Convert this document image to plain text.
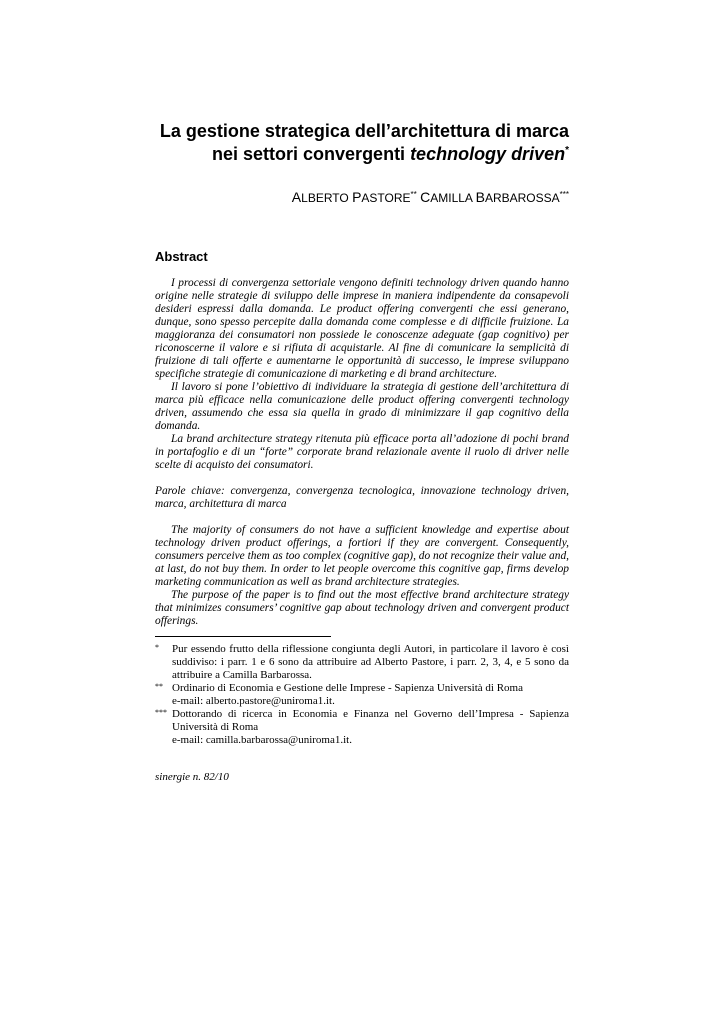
La gestione strategica dell’architettura di marca
nei settori convergenti technology driven*
ALBERTO PASTORE** CAMILLA BARBAROSSA***
Abstract

I processi di convergenza settoriale vengono definiti technology driven quando hanno origine nelle strategie di sviluppo delle imprese in maniera indipendente da consapevoli desideri espressi dalla domanda. Le product offering convergenti che essi generano, dunque, sono spesso percepite dalla domanda come complesse e di difficile fruizione. La maggioranza dei consumatori non possiede le conoscenze adeguate (gap cognitivo) per riconoscerne il valore e si rifiuta di acquistarle. Al fine di comunicare la semplicità di fruizione di tali offerte e aumentarne le opportunità di successo, le imprese sviluppano specifiche strategie di comunicazione di marketing e di brand architecture.

Il lavoro si pone l’obiettivo di individuare la strategia di gestione dell’architettura di marca più efficace nella comunicazione delle product offering convergenti technology driven, assumendo che essa sia quella in grado di minimizzare il gap cognitivo della domanda.

La brand architecture strategy ritenuta più efficace porta all’adozione di pochi brand in portafoglio e di un “forte” corporate brand relazionale avente il ruolo di driver nelle scelte di acquisto dei consumatori.

Parole chiave: convergenza, convergenza tecnologica, innovazione technology driven, marca, architettura di marca

The majority of consumers do not have a sufficient knowledge and expertise about technology driven product offerings, a fortiori if they are convergent. Consequently, consumers perceive them as too complex (cognitive gap), do not recognize their value and, at last, do not buy them. In order to let people overcome this cognitive gap, firms develop marketing communication as well as brand architecture strategies.

The purpose of the paper is to find out the most effective brand architecture strategy that minimizes consumers’ cognitive gap about technology driven and convergent product offerings.

*	Pur essendo frutto della riflessione congiunta degli Autori, in particolare il lavoro è così suddiviso: i parr. 1 e 6 sono da attribuire ad Alberto Pastore, i parr. 2, 3, 4, e 5 sono da attribuire a Camilla Barbarossa.
** Ordinario di Economia e Gestione delle Imprese - Sapienza Università di Roma
e-mail: alberto.pastore@uniroma1.it.
*** Dottorando di ricerca in Economia e Finanza nel Governo dell’Impresa - Sapienza Università di Roma
e-mail: camilla.barbarossa@uniroma1.it.
sinergie n. 82/10
